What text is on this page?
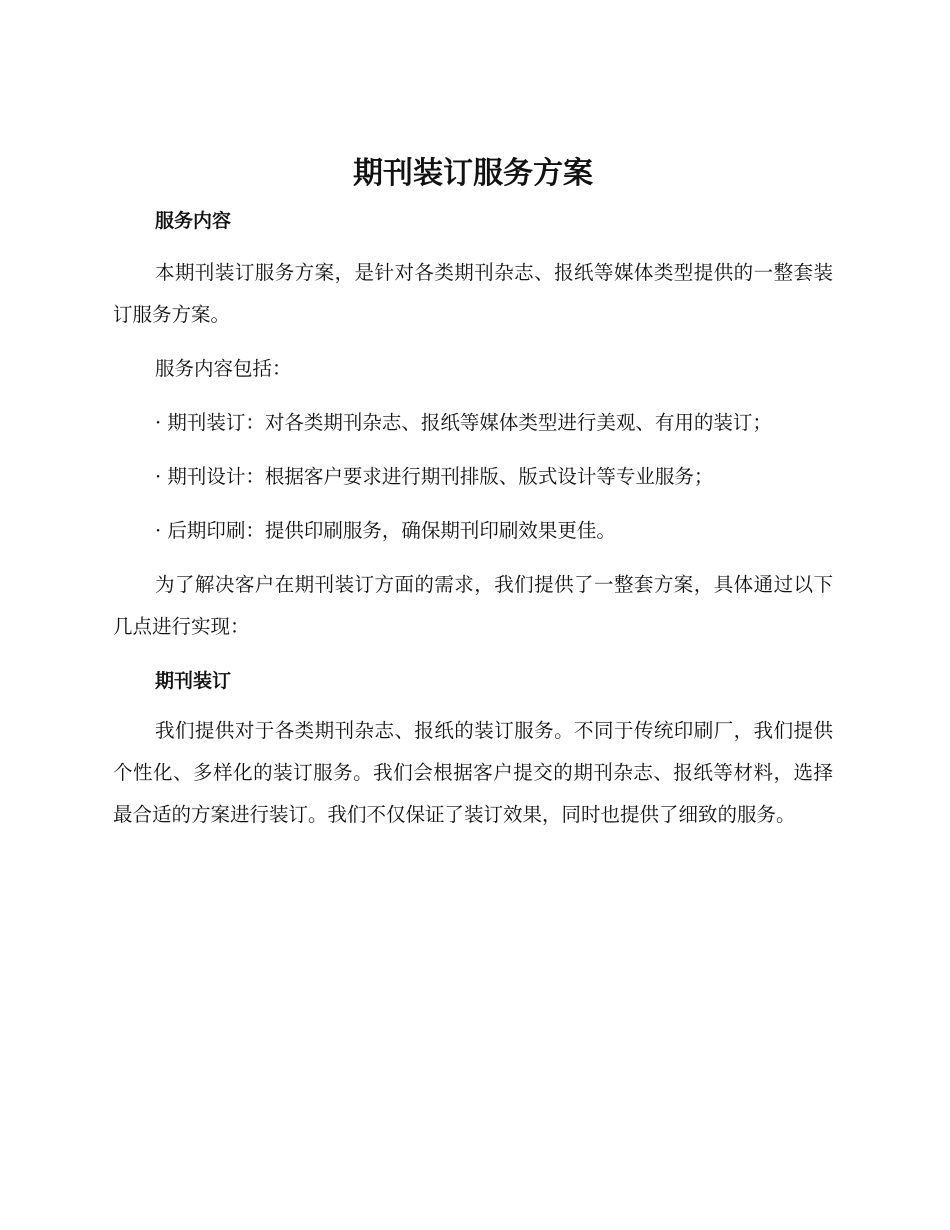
期刊装订服务方案
服务内容

本期刊装订服务方案，是针对各类期刊杂志、报纸等媒体类型提供的一整套装订服务方案。

服务内容包括：

· 期刊装订：对各类期刊杂志、报纸等媒体类型进行美观、有用的装订；

· 期刊设计：根据客户要求进行期刊排版、版式设计等专业服务；

· 后期印刷：提供印刷服务，确保期刊印刷效果更佳。

为了解决客户在期刊装订方面的需求，我们提供了一整套方案，具体通过以下几点进行实现：

期刊装订

我们提供对于各类期刊杂志、报纸的装订服务。不同于传统印刷厂，我们提供个性化、多样化的装订服务。我们会根据客户提交的期刊杂志、报纸等材料，选择最合适的方案进行装订。我们不仅保证了装订效果，同时也提供了细致的服务。
